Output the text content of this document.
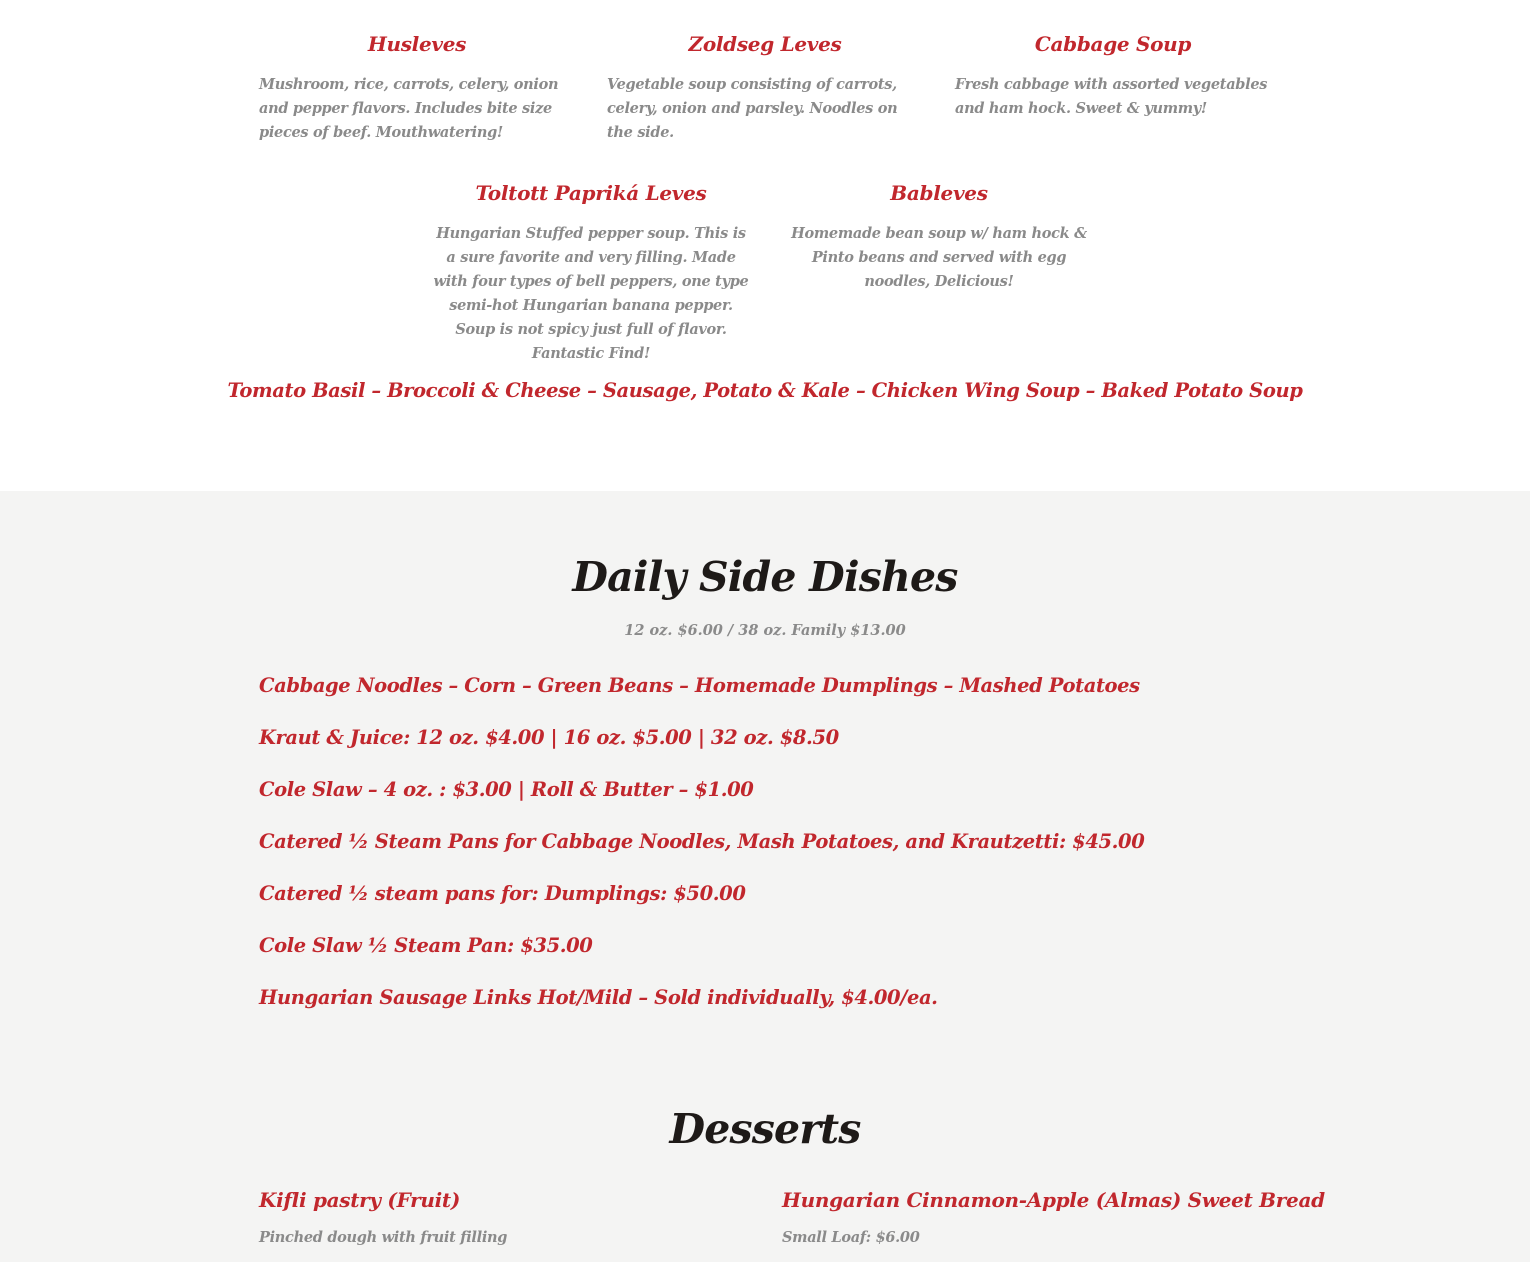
Husleves

Mushroom, rice, carrots, celery, onion and pepper flavors. Includes bite size pieces of beef. Mouthwatering!

Zoldseg Leves

Vegetable soup consisting of carrots, celery, onion and parsley. Noodles on the side.

Cabbage Soup

Fresh cabbage with assorted vegetables and ham hock. Sweet & yummy!

Toltott Papriká Leves

Hungarian Stuffed pepper soup. This is a sure favorite and very filling. Made with four types of bell peppers, one type semi-hot Hungarian banana pepper. Soup is not spicy just full of flavor. Fantastic Find!

Bableves

Homemade bean soup w/ ham hock & Pinto beans and served with egg noodles, Delicious!

Tomato Basil – Broccoli & Cheese – Sausage, Potato & Kale – Chicken Wing Soup – Baked Potato Soup
Daily Side Dishes
12 oz. $6.00 / 38 oz. Family $13.00
Cabbage Noodles – Corn – Green Beans – Homemade Dumplings – Mashed Potatoes
Kraut & Juice: 12 oz. $4.00 | 16 oz. $5.00 | 32 oz. $8.50
Cole Slaw – 4 oz. : $3.00 | Roll & Butter – $1.00
Catered ½ Steam Pans for Cabbage Noodles, Mash Potatoes, and Krautzetti: $45.00
Catered ½ steam pans for: Dumplings: $50.00
Cole Slaw ½ Steam Pan: $35.00
Hungarian Sausage Links Hot/Mild – Sold individually, $4.00/ea.
Desserts
Kifli pastry (Fruit)

Pinched dough with fruit filling

Hungarian Cinnamon-Apple (Almas) Sweet Bread

Small Loaf: $6.00
